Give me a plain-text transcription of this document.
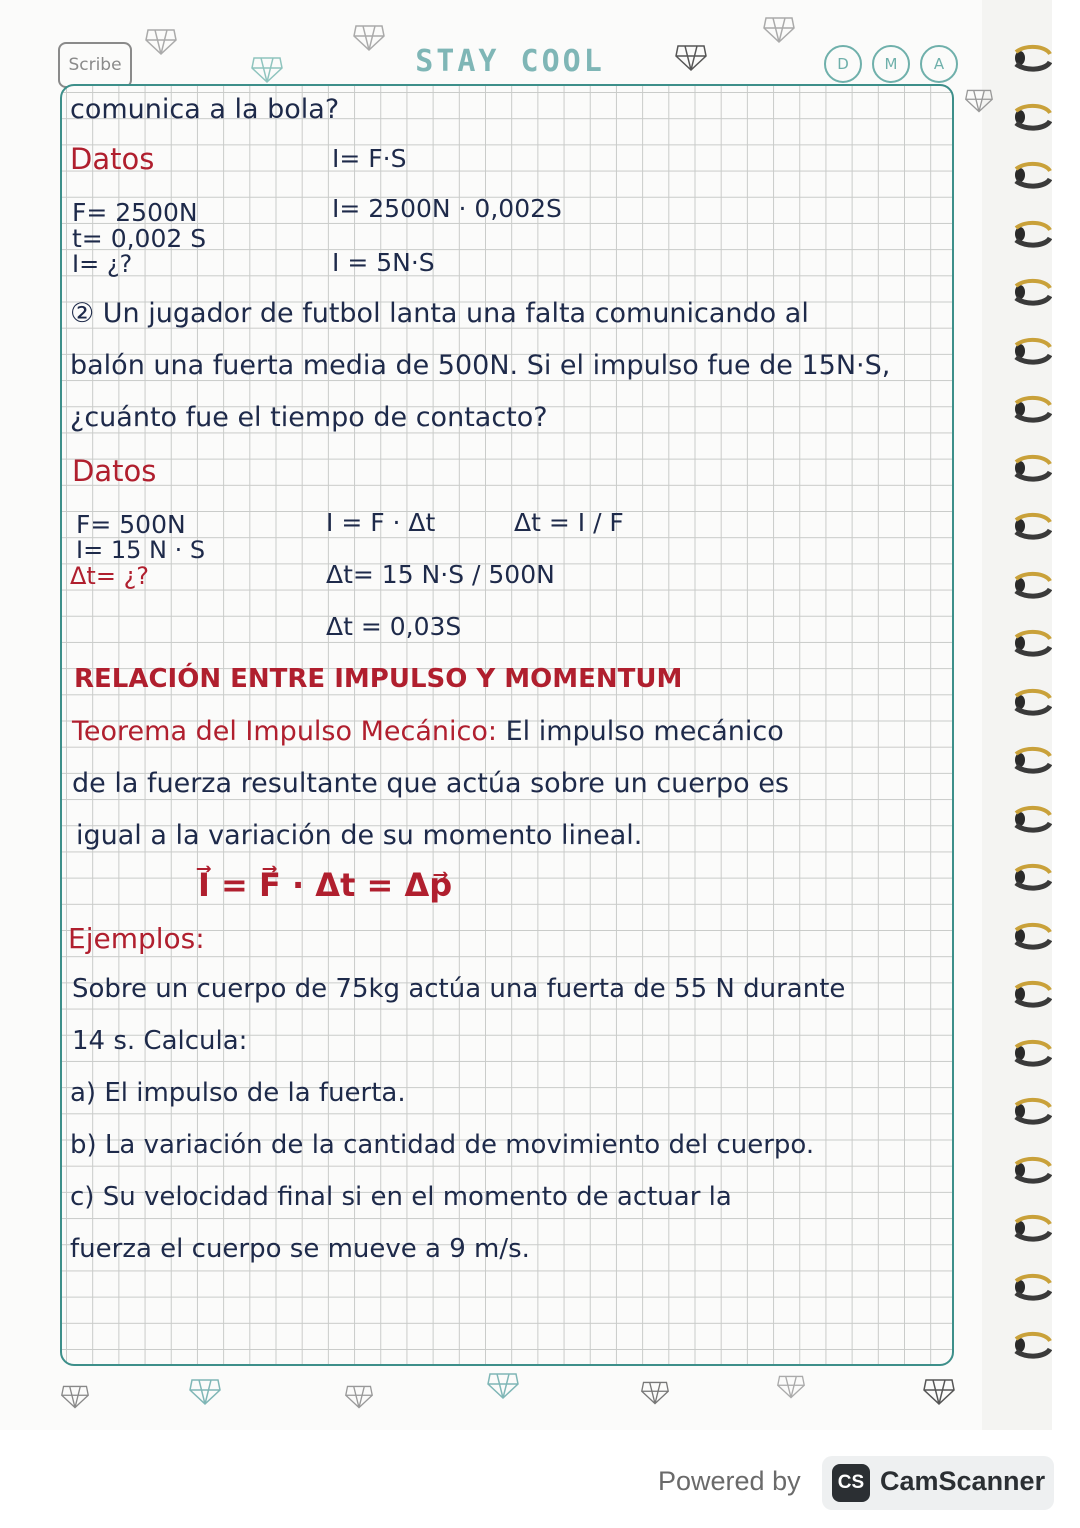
Scribe	STAY COOL	D	M	A
comunica a la bola?
Datos	I= F·S
F= 2500N	I= 2500N · 0,002S
t= 0,002 S
I= ¿?	I = 5N·S
② Un jugador de futbol lanta una falta comunicando al
balón una fuerta media de 500N. Si el impulso fue de 15N·S,
¿cuánto fue el tiempo de contacto?
Datos
F= 500N	I = F · Δt	Δt = I / F
I= 15 N · S
Δt= ¿?	Δt= 15 N·S / 500N
Δt = 0,03S
RELACIÓN ENTRE IMPULSO Y MOMENTUM
Teorema del Impulso Mecánico: El impulso mecánico
de la fuerza resultante que actúa sobre un cuerpo es
igual a la variación de su momento lineal.
I⃗ = F⃗ · Δt = Δp⃗
Ejemplos:
Sobre un cuerpo de 75kg actúa una fuerta de 55 N durante
14 s. Calcula:
a) El impulso de la fuerta.
b) La variación de la cantidad de movimiento del cuerpo.
c) Su velocidad final si en el momento de actuar la
fuerza el cuerpo se mueve a 9 m/s.
Powered by	CS CamScanner
